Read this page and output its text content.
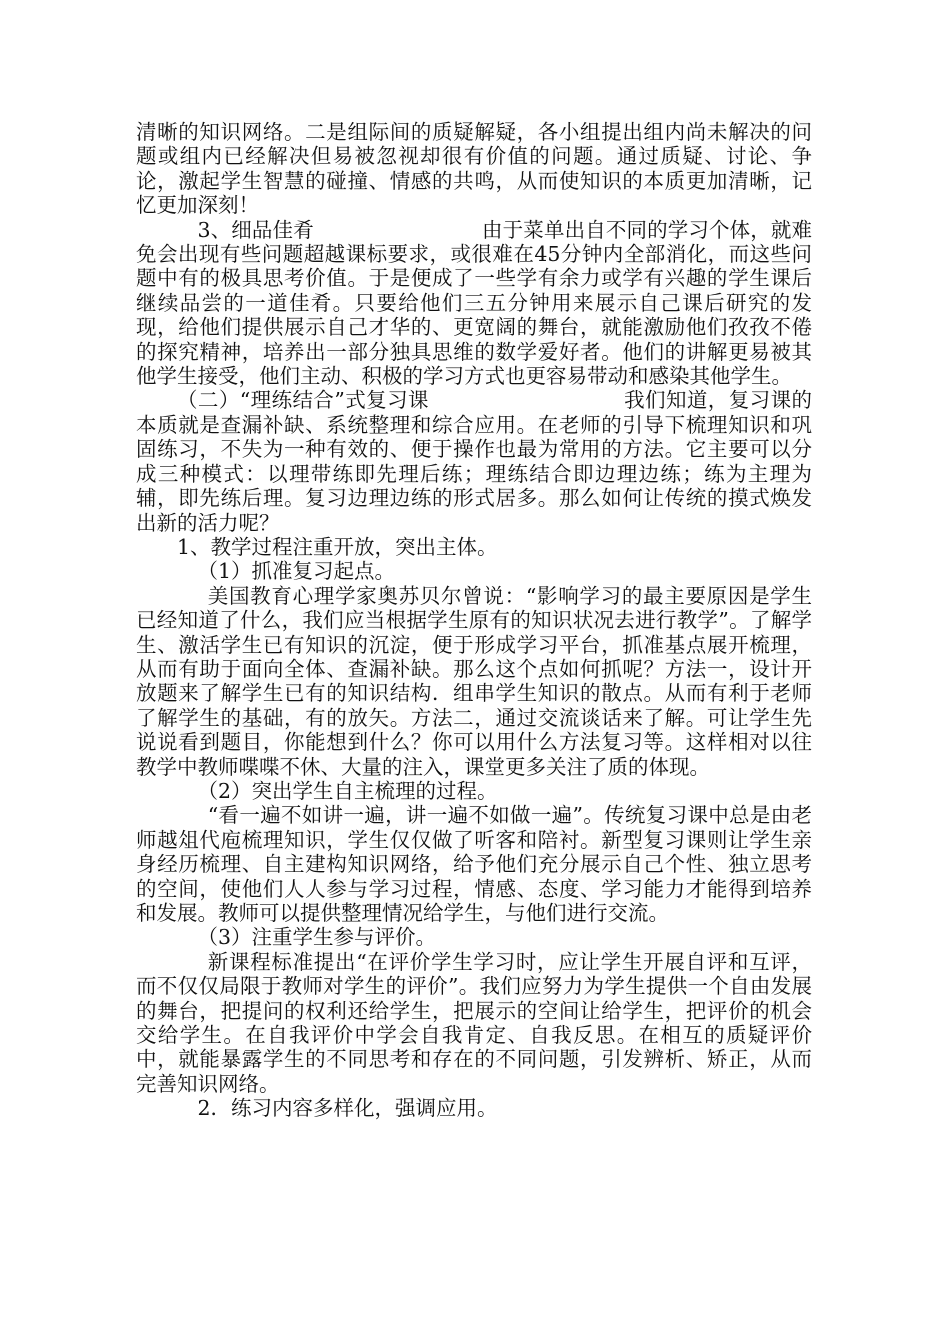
清晰的知识网络。二是组际间的质疑解疑，各小组提出组内尚未解决的问题或组内已经解决但易被忽视却很有价值的问题。通过质疑、讨论、争论，激起学生智慧的碰撞、情感的共鸣，从而使知识的本质更加清晰，记忆更加深刻！

3、细品佳肴	由于菜单出自不同的学习个体，就难免会出现有些问题超越课标要求，或很难在45分钟内全部消化，而这些问题中有的极具思考价值。于是便成了一些学有余力或学有兴趣的学生课后继续品尝的一道佳肴。只要给他们三五分钟用来展示自己课后研究的发现，给他们提供展示自己才华的、更宽阔的舞台，就能激励他们孜孜不倦的探究精神，培养出一部分独具思维的数学爱好者。他们的讲解更易被其他学生接受，他们主动、积极的学习方式也更容易带动和感染其他学生。

（二）“理练结合”式复习课	我们知道，复习课的本质就是查漏补缺、系统整理和综合应用。在老师的引导下梳理知识和巩固练习，不失为一种有效的、便于操作也最为常用的方法。它主要可以分成三种模式：以理带练即先理后练；理练结合即边理边练；练为主理为辅，即先练后理。复习边理边练的形式居多。那么如何让传统的摸式焕发出新的活力呢？

1、教学过程注重开放，突出主体。

（1）抓准复习起点。

美国教育心理学家奥苏贝尔曾说：“影响学习的最主要原因是学生已经知道了什么，我们应当根据学生原有的知识状况去进行教学”。了解学生、激活学生已有知识的沉淀，便于形成学习平台，抓准基点展开梳理，从而有助于面向全体、查漏补缺。那么这个点如何抓呢？方法一，设计开放题来了解学生已有的知识结构．组串学生知识的散点。从而有利于老师了解学生的基础，有的放矢。方法二，通过交流谈话来了解。可让学生先说说看到题目，你能想到什么？你可以用什么方法复习等。这样相对以往教学中教师喋喋不休、大量的注入，课堂更多关注了质的体现。

（2）突出学生自主梳理的过程。

“看一遍不如讲一遍，讲一遍不如做一遍”。传统复习课中总是由老师越俎代庖梳理知识，学生仅仅做了听客和陪衬。新型复习课则让学生亲身经历梳理、自主建构知识网络，给予他们充分展示自己个性、独立思考的空间，使他们人人参与学习过程，情感、态度、学习能力才能得到培养和发展。教师可以提供整理情况给学生，与他们进行交流。

（3）注重学生参与评价。

新课程标准提出“在评价学生学习时，应让学生开展自评和互评，而不仅仅局限于教师对学生的评价”。我们应努力为学生提供一个自由发展的舞台，把提问的权利还给学生，把展示的空间让给学生，把评价的机会交给学生。在自我评价中学会自我肯定、自我反思。在相互的质疑评价中，就能暴露学生的不同思考和存在的不同问题，引发辨析、矫正，从而完善知识网络。

2．练习内容多样化，强调应用。
